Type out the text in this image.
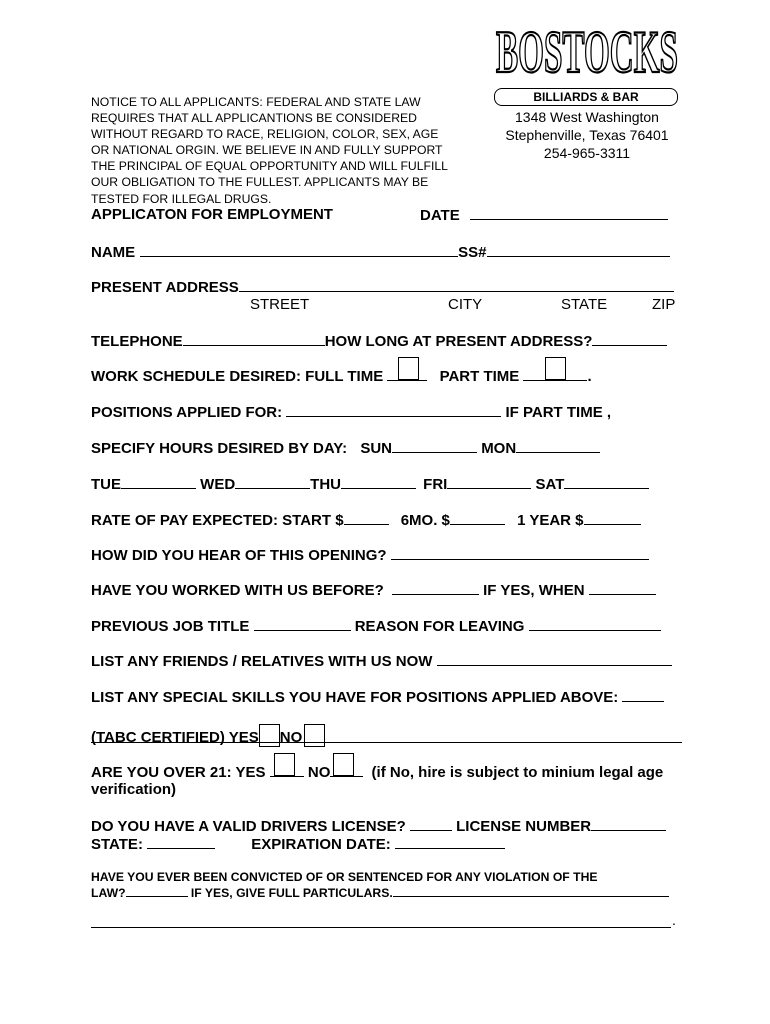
BOSTOCKS
BILLIARDS & BAR
1348 West Washington
Stephenville, Texas 76401
254-965-3311
NOTICE TO ALL APPLICANTS: FEDERAL AND STATE LAW
REQUIRES THAT ALL APPLICANTIONS BE CONSIDERED
WITHOUT REGARD TO RACE, RELIGION, COLOR, SEX, AGE
OR NATIONAL ORGIN. WE BELIEVE IN AND FULLY SUPPORT
THE PRINCIPAL OF EQUAL OPPORTUNITY AND WILL FULFILL
OUR OBLIGATION TO THE FULLEST. APPLICANTS MAY BE
TESTED FOR ILLEGAL DRUGS.
APPLICATON FOR EMPLOYMENT	DATE
NAME	SS#
PRESENT ADDRESS
STREET	CITY	STATE	ZIP
TELEPHONE	HOW LONG AT PRESENT ADDRESS?
WORK SCHEDULE DESIRED: FULL TIME	PART TIME	.
POSITIONS APPLIED FOR:	IF PART TIME ,
SPECIFY HOURS DESIRED BY DAY: SUN	MON
TUE	WED	THU	FRI	SAT
RATE OF PAY EXPECTED: START $	6MO. $	1 YEAR $
HOW DID YOU HEAR OF THIS OPENING?
HAVE YOU WORKED WITH US BEFORE?	IF YES, WHEN
PREVIOUS JOB TITLE	REASON FOR LEAVING
LIST ANY FRIENDS / RELATIVES WITH US NOW
LIST ANY SPECIAL SKILLS YOU HAVE FOR POSITIONS APPLIED ABOVE:
(TABC CERTIFIED) YES NO
ARE YOU OVER 21: YES	NO	(if No, hire is subject to minium legal age
verification)
DO YOU HAVE A VALID DRIVERS LICENSE?	LICENSE NUMBER
STATE:	EXPIRATION DATE:
HAVE YOU EVER BEEN CONVICTED OF OR SENTENCED FOR ANY VIOLATION OF THE
LAW?	IF YES, GIVE FULL PARTICULARS.
.
